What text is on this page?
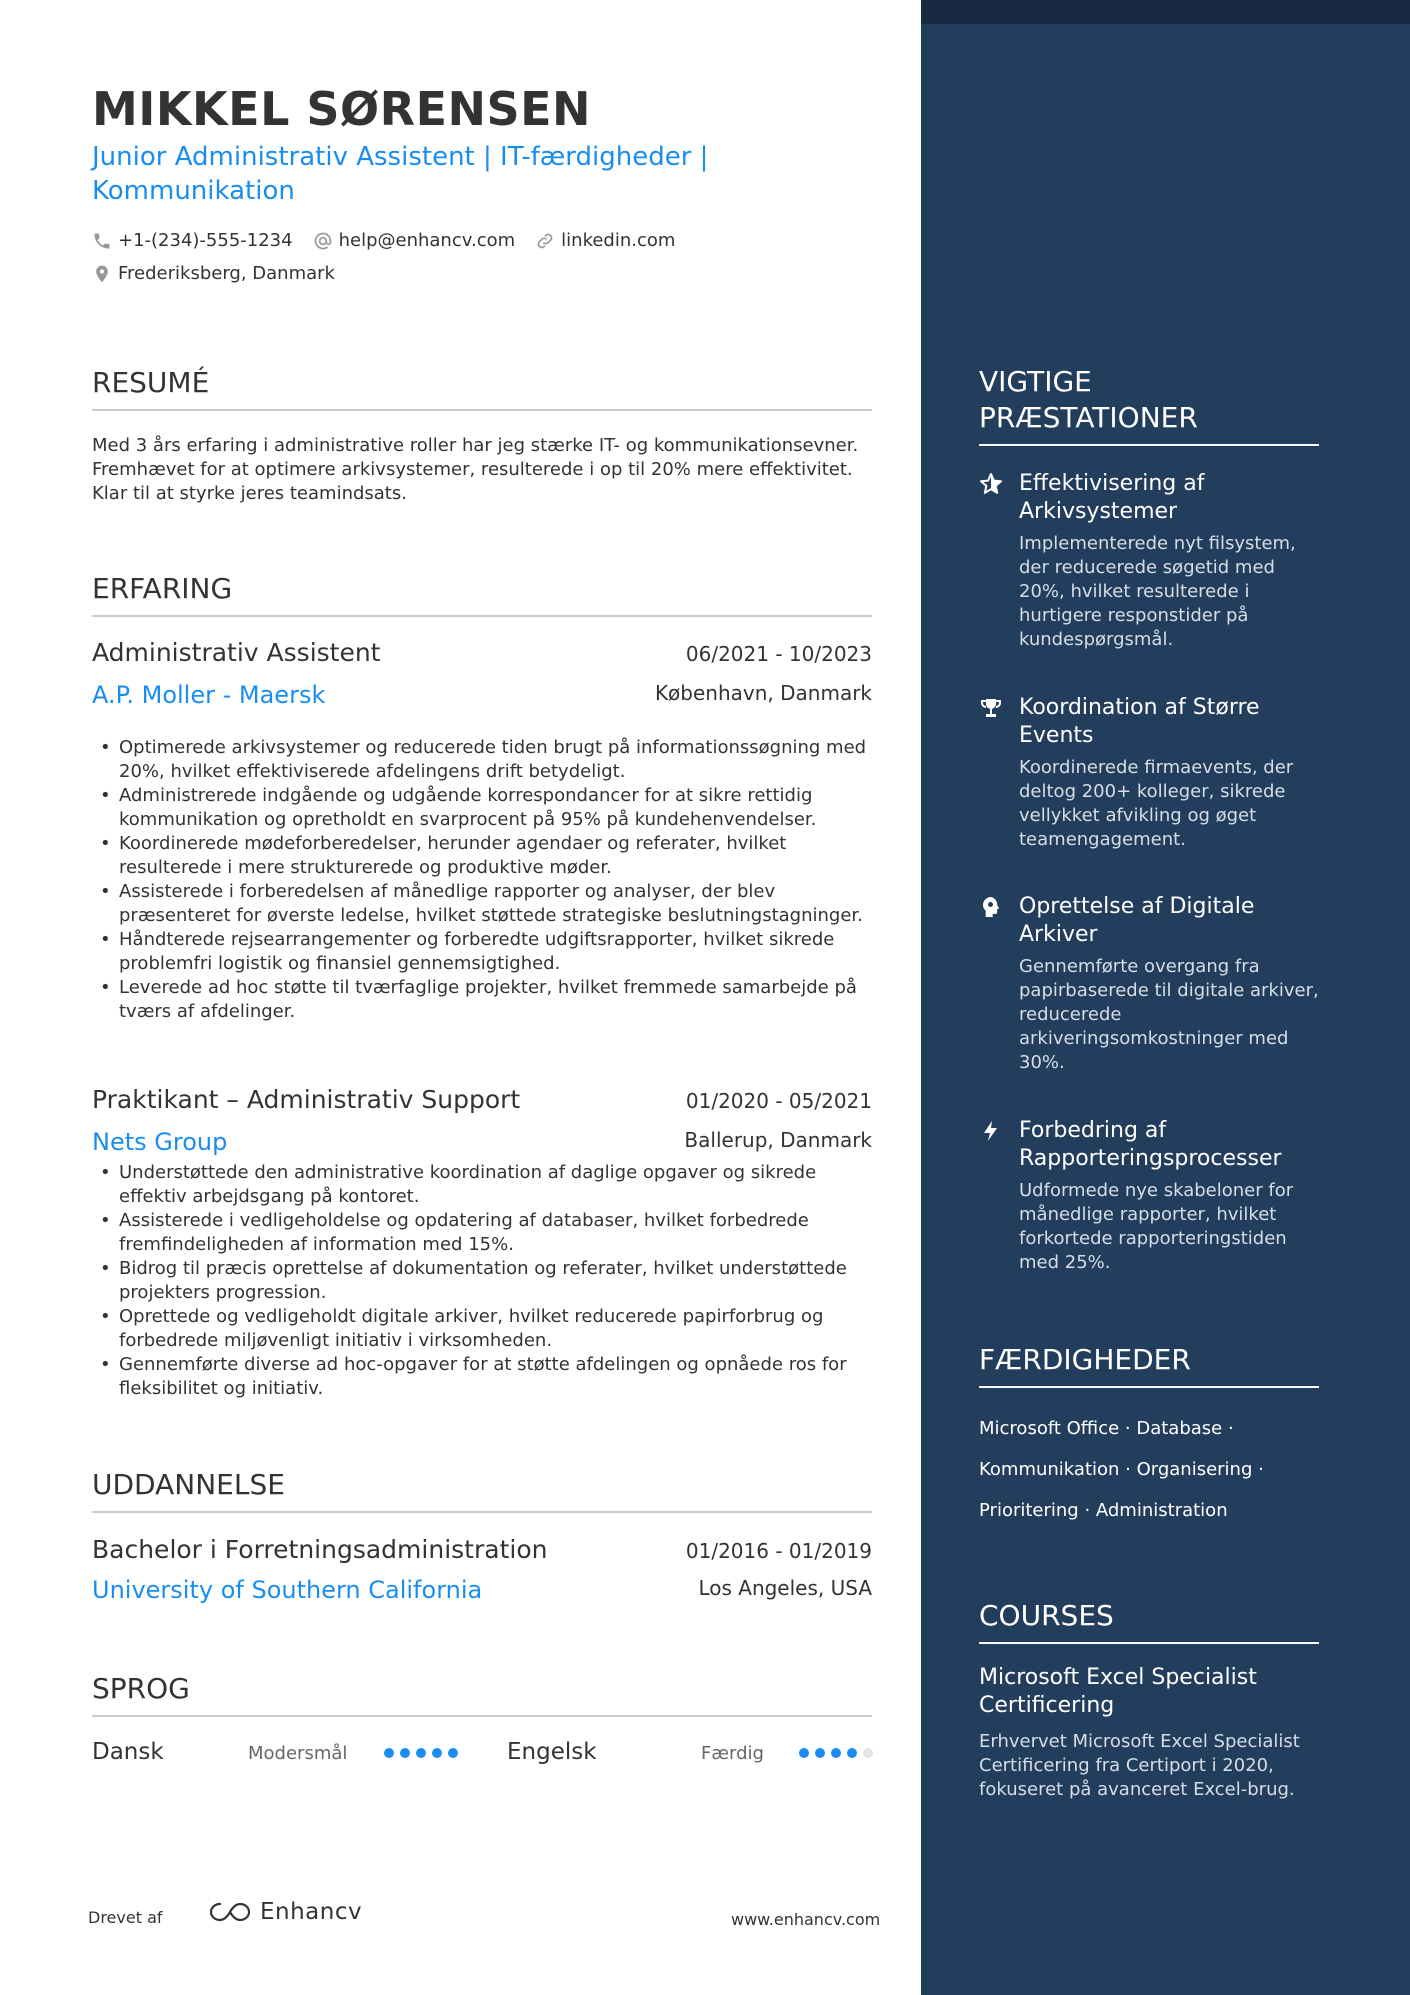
MIKKEL SØRENSEN
Junior Administrativ Assistent | IT-færdigheder | Kommunikation
+1-(234)-555-1234	help@enhancv.com	linkedin.com
Frederiksberg, Danmark
RESUMÉ
Med 3 års erfaring i administrative roller har jeg stærke IT- og kommunikationsevner. Fremhævet for at optimere arkivsystemer, resulterede i op til 20% mere effektivitet. Klar til at styrke jeres teamindsats.
ERFARING
Administrativ Assistent	06/2021 - 10/2023
A.P. Moller - Maersk	København, Danmark
• Optimerede arkivsystemer og reducerede tiden brugt på informationssøgning med 20%, hvilket effektiviserede afdelingens drift betydeligt.
• Administrerede indgående og udgående korrespondancer for at sikre rettidig kommunikation og opretholdt en svarprocent på 95% på kundehenvendelser.
• Koordinerede mødeforberedelser, herunder agendaer og referater, hvilket resulterede i mere strukturerede og produktive møder.
• Assisterede i forberedelsen af månedlige rapporter og analyser, der blev præsenteret for øverste ledelse, hvilket støttede strategiske beslutningstagninger.
• Håndterede rejsearrangementer og forberedte udgiftsrapporter, hvilket sikrede problemfri logistik og finansiel gennemsigtighed.
• Leverede ad hoc støtte til tværfaglige projekter, hvilket fremmede samarbejde på tværs af afdelinger.
Praktikant – Administrativ Support	01/2020 - 05/2021
Nets Group	Ballerup, Danmark
• Understøttede den administrative koordination af daglige opgaver og sikrede effektiv arbejdsgang på kontoret.
• Assisterede i vedligeholdelse og opdatering af databaser, hvilket forbedrede fremfindeligheden af information med 15%.
• Bidrog til præcis oprettelse af dokumentation og referater, hvilket understøttede projekters progression.
• Oprettede og vedligeholdt digitale arkiver, hvilket reducerede papirforbrug og forbedrede miljøvenligt initiativ i virksomheden.
• Gennemførte diverse ad hoc-opgaver for at støtte afdelingen og opnåede ros for fleksibilitet og initiativ.
UDDANNELSE
Bachelor i Forretningsadministration	01/2016 - 01/2019
University of Southern California	Los Angeles, USA
SPROG
Dansk	Modersmål	Engelsk	Færdig
Drevet af	Enhancv	www.enhancv.com
VIGTIGE PRÆSTATIONER
Effektivisering af Arkivsystemer
Implementerede nyt filsystem, der reducerede søgetid med 20%, hvilket resulterede i hurtigere responstider på kundespørgsmål.
Koordination af Større Events
Koordinerede firmaevents, der deltog 200+ kolleger, sikrede vellykket afvikling og øget teamengagement.
Oprettelse af Digitale Arkiver
Gennemførte overgang fra papirbaserede til digitale arkiver, reducerede arkiveringsomkostninger med 30%.
Forbedring af Rapporteringsprocesser
Udformede nye skabeloner for månedlige rapporter, hvilket forkortede rapporteringstiden med 25%.
FÆRDIGHEDER
Microsoft Office · Database ·
Kommunikation · Organisering ·
Prioritering · Administration
COURSES
Microsoft Excel Specialist Certificering
Erhvervet Microsoft Excel Specialist Certificering fra Certiport i 2020, fokuseret på avanceret Excel-brug.
